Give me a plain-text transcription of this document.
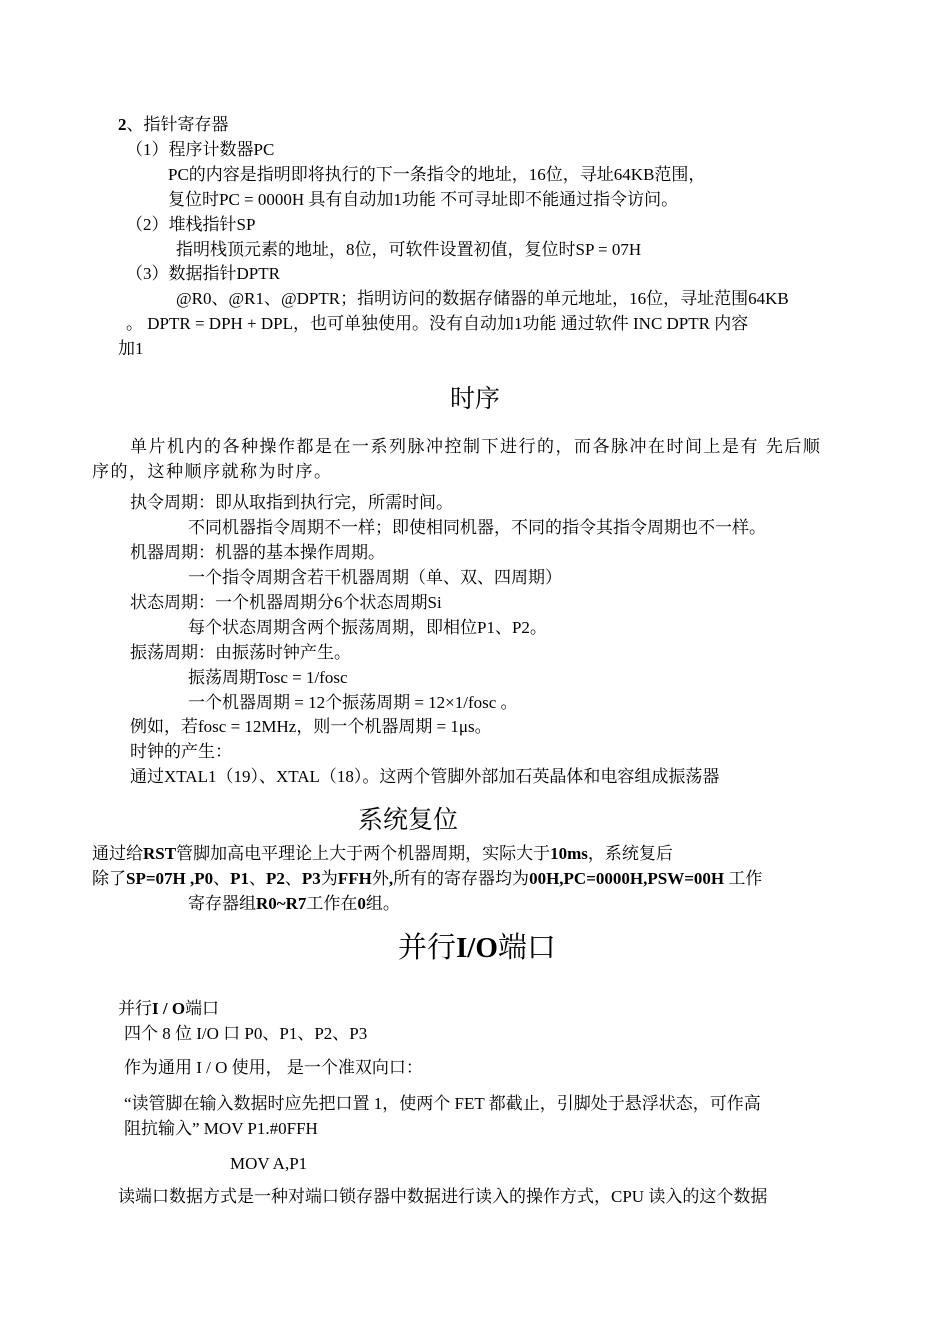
2、指针寄存器
（1）程序计数器PC
PC的内容是指明即将执行的下一条指令的地址，16位，寻址64KB范围，
复位时PC = 0000H 具有自动加1功能 不可寻址即不能通过指令访问。
（2）堆栈指针SP
指明栈顶元素的地址，8位，可软件设置初值，复位时SP = 07H
（3）数据指针DPTR
@R0、@R1、@DPTR；指明访问的数据存储器的单元地址，16位，寻址范围64KB
。 DPTR = DPH + DPL，也可单独使用。没有自动加1功能 通过软件 INC DPTR 内容
加1
时序
单片机内的各种操作都是在一系列脉冲控制下进行的，而各脉冲在时间上是有 先后顺
序的，这种顺序就称为时序。
执令周期：即从取指到执行完，所需时间。
不同机器指令周期不一样；即使相同机器，不同的指令其指令周期也不一样。
机器周期：机器的基本操作周期。
一个指令周期含若干机器周期（单、双、四周期）
状态周期：一个机器周期分6个状态周期Si
每个状态周期含两个振荡周期，即相位P1、P2。
振荡周期：由振荡时钟产生。
振荡周期Tosc = 1/fosc
一个机器周期 = 12个振荡周期 = 12×1/fosc 。
例如，若fosc = 12MHz，则一个机器周期 = 1μs。
时钟的产生：
通过XTAL1（19）、XTAL（18）。这两个管脚外部加石英晶体和电容组成振荡器
系统复位
通过给RST管脚加高电平理论上大于两个机器周期，实际大于10ms，系统复后
除了SP=07H ,P0、P1、P2、P3为FFH外,所有的寄存器均为00H,PC=0000H,PSW=00H 工作
寄存器组R0~R7工作在0组。
并行I/O端口
并行I / O端口
四个 8 位 I/O 口 P0、P1、P2、P3
作为通用 I / O 使用， 是一个准双向口：
“读管脚在输入数据时应先把口置 1，使两个 FET 都截止，引脚处于悬浮状态，可作高
阻抗输入” MOV P1.#0FFH
MOV A,P1
读端口数据方式是一种对端口锁存器中数据进行读入的操作方式，CPU 读入的这个数据
